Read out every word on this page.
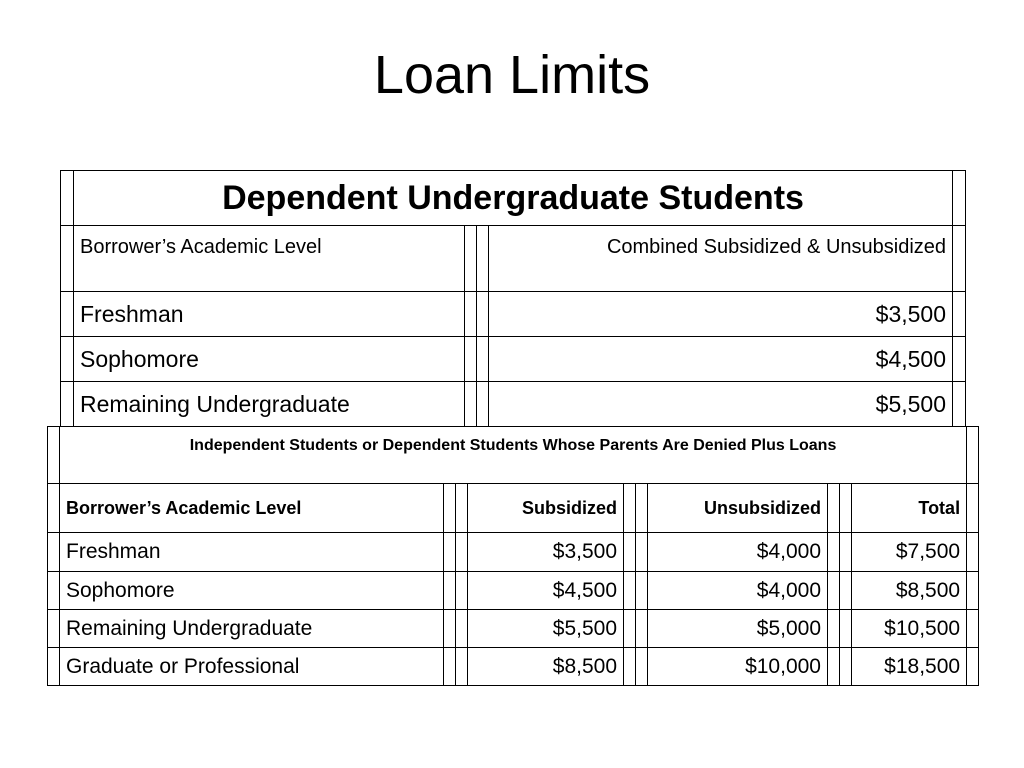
Loan Limits
	Dependent Undergraduate Students				
	Borrower’s Academic Level			Combined Subsidized & Unsubsidized	
	Freshman			$3,500	
	Sophomore			$4,500	
	Remaining Undergraduate			$5,500	
	Independent Students or Dependent Students Whose Parents Are Denied Plus Loans										
	Borrower’s Academic Level			Subsidized			Unsubsidized			Total	
	Freshman			$3,500			$4,000			$7,500	
	Sophomore			$4,500			$4,000			$8,500	
	Remaining Undergraduate			$5,500			$5,000			$10,500	
	Graduate or Professional			$8,500			$10,000			$18,500	
